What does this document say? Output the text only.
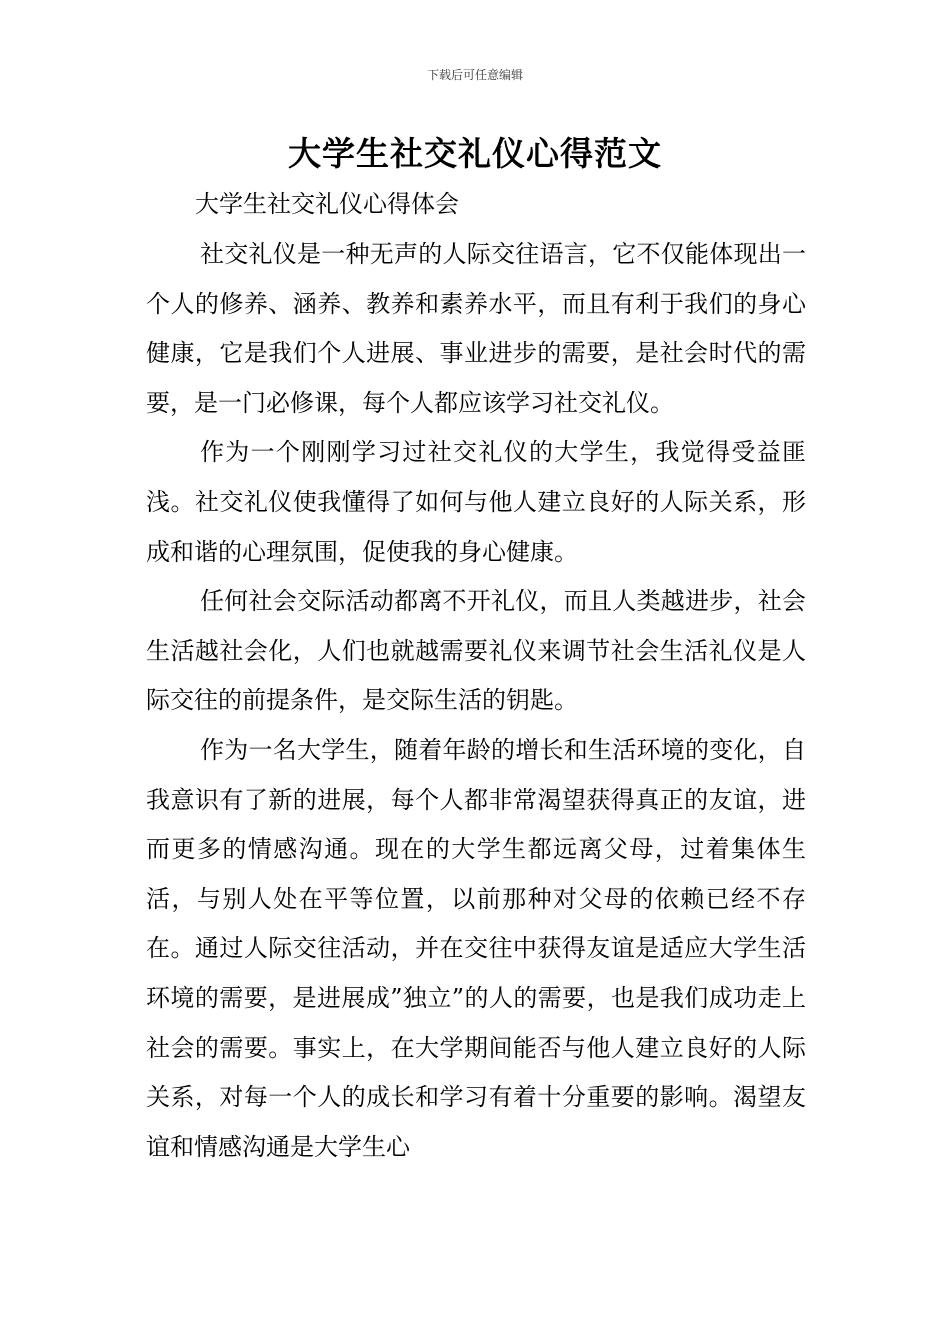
下载后可任意编辑
大学生社交礼仪心得范文
大学生社交礼仪心得体会

社交礼仪是一种无声的人际交往语言，它不仅能体现出一个人的修养、涵养、教养和素养水平，而且有利于我们的身心健康，它是我们个人进展、事业进步的需要，是社会时代的需要，是一门必修课，每个人都应该学习社交礼仪。

作为一个刚刚学习过社交礼仪的大学生，我觉得受益匪浅。社交礼仪使我懂得了如何与他人建立良好的人际关系，形成和谐的心理氛围，促使我的身心健康。

任何社会交际活动都离不开礼仪，而且人类越进步，社会生活越社会化，人们也就越需要礼仪来调节社会生活礼仪是人际交往的前提条件，是交际生活的钥匙。

作为一名大学生，随着年龄的增长和生活环境的变化，自我意识有了新的进展，每个人都非常渴望获得真正的友谊，进而更多的情感沟通。现在的大学生都远离父母，过着集体生活，与别人处在平等位置，以前那种对父母的依赖已经不存在。通过人际交往活动，并在交往中获得友谊是适应大学生活环境的需要，是进展成”独立”的人的需要，也是我们成功走上社会的需要。事实上，在大学期间能否与他人建立良好的人际关系，对每一个人的成长和学习有着十分重要的影响。渴望友谊和情感沟通是大学生心
